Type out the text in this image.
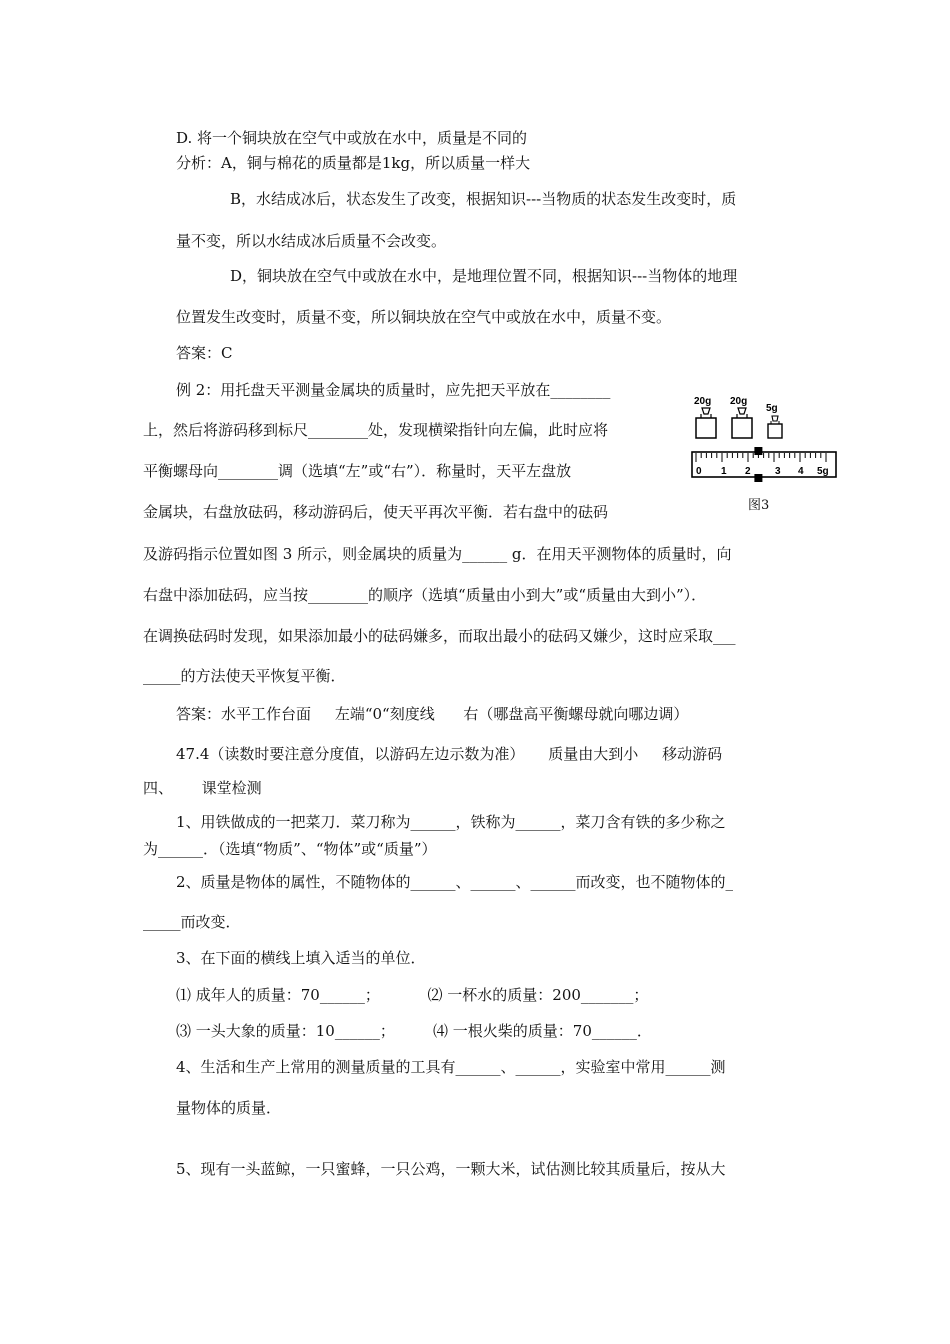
D. 将一个铜块放在空气中或放在水中，质量是不同的
分析：A，铜与棉花的质量都是1kg，所以质量一样大
B，水结成冰后，状态发生了改变，根据知识---当物质的状态发生改变时，质
量不变，所以水结成冰后质量不会改变。
D，铜块放在空气中或放在水中，是地理位置不同，根据知识---当物体的地理
位置发生改变时，质量不变，所以铜块放在空气中或放在水中，质量不变。
答案：C
例 2：用托盘天平测量金属块的质量时，应先把天平放在________
上，然后将游码移到标尺________处，发现横梁指针向左偏，此时应将
平衡螺母向________调（选填“左”或“右”）．称量时，天平左盘放
金属块，右盘放砝码，移动游码后，使天平再次平衡．若右盘中的砝码
及游码指示位置如图 3 所示，则金属块的质量为______ g．在用天平测物体的质量时，向
右盘中添加砝码，应当按________的顺序（选填“质量由小到大”或“质量由大到小”）．
在调换砝码时发现，如果添加最小的砝码嫌多，而取出最小的砝码又嫌少，这时应采取___
_____的方法使天平恢复平衡．
答案：水平工作台面     左端“0“刻度线      右（哪盘高平衡螺母就向哪边调）
47.4（读数时要注意分度值，以游码左边示数为准）     质量由大到小     移动游码
四、      课堂检测
1、用铁做成的一把菜刀．菜刀称为______，铁称为______，菜刀含有铁的多少称之
为______．（选填“物质”、“物体”或“质量”）
2、质量是物体的属性，不随物体的______、______、______而改变，也不随物体的_
_____而改变．
3、在下面的横线上填入适当的单位．
⑴ 成年人的质量：70______；          ⑵ 一杯水的质量：200_______；
⑶ 一头大象的质量：10______；        ⑷ 一根火柴的质量：70______．
4、生活和生产上常用的测量质量的工具有______、______，实验室中常用______测
量物体的质量．
5、现有一头蓝鲸，一只蜜蜂，一只公鸡，一颗大米，试估测比较其质量后，按从大
20g 20g
5g
0 1 2 3 4 5g
图3
